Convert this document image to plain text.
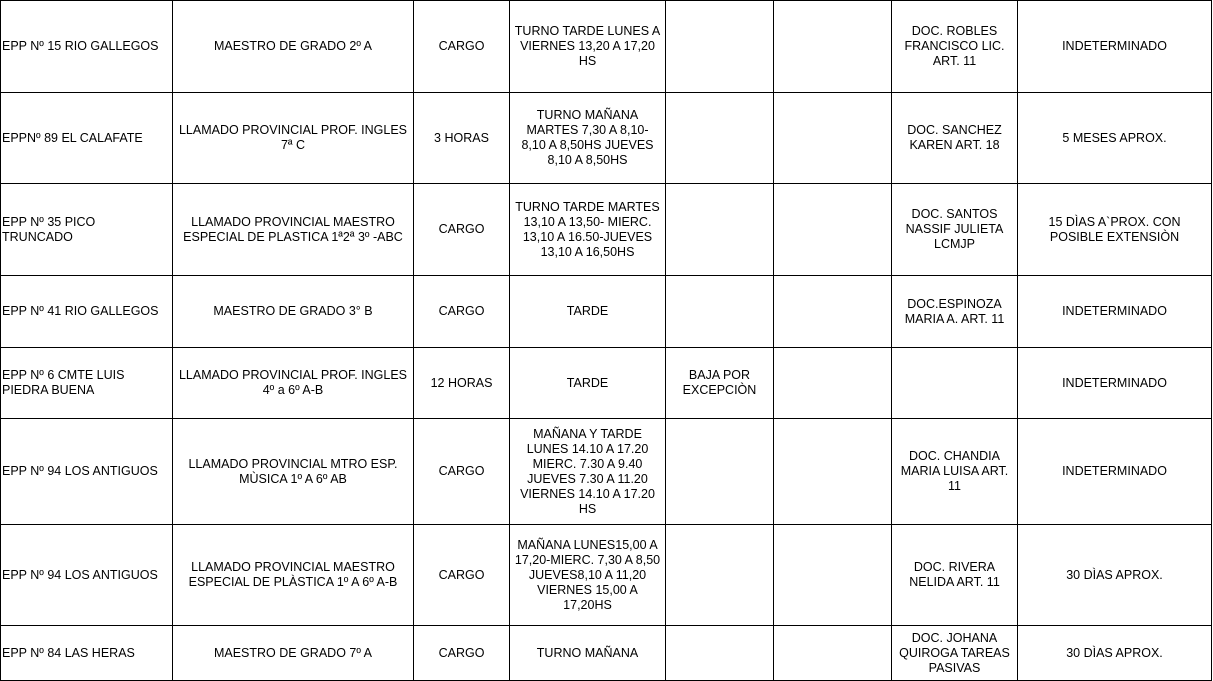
EPP Nº 15 RIO GALLEGOS	MAESTRO DE GRADO 2º A	CARGO	TURNO TARDE LUNES A VIERNES 13,20 A 17,20 HS			DOC. ROBLES FRANCISCO LIC. ART. 11	INDETERMINADO
EPPNº 89 EL CALAFATE	LLAMADO PROVINCIAL PROF. INGLES 7ª C	3 HORAS	TURNO MAÑANA MARTES 7,30 A 8,10- 8,10 A 8,50HS JUEVES 8,10 A 8,50HS			DOC. SANCHEZ KAREN ART. 18	5 MESES APROX.
EPP Nº 35 PICO TRUNCADO	LLAMADO PROVINCIAL MAESTRO ESPECIAL DE PLASTICA 1ª2ª 3º -ABC	CARGO	TURNO TARDE MARTES 13,10 A 13,50- MIERC. 13,10 A 16.50-JUEVES 13,10 A 16,50HS			DOC. SANTOS NASSIF JULIETA LCMJP	15 DÌAS A`PROX. CON POSIBLE EXTENSIÒN
EPP Nº 41 RIO GALLEGOS	MAESTRO DE GRADO 3° B	CARGO	TARDE			DOC.ESPINOZA MARIA A. ART. 11	INDETERMINADO
EPP Nº 6 CMTE LUIS PIEDRA BUENA	LLAMADO PROVINCIAL PROF. INGLES 4º a 6º A-B	12 HORAS	TARDE	BAJA POR EXCEPCIÒN			INDETERMINADO
EPP Nº 94 LOS ANTIGUOS	LLAMADO PROVINCIAL MTRO ESP. MÙSICA 1º A 6º AB	CARGO	MAÑANA Y TARDE LUNES 14.10 A 17.20 MIERC. 7.30 A 9.40 JUEVES 7.30 A 11.20 VIERNES 14.10 A 17.20 HS			DOC. CHANDIA MARIA LUISA ART. 11	INDETERMINADO
EPP Nº 94 LOS ANTIGUOS	LLAMADO PROVINCIAL MAESTRO ESPECIAL DE PLÀSTICA 1º A 6º A-B	CARGO	MAÑANA LUNES15,00 A 17,20-MIERC. 7,30 A 8,50 JUEVES8,10 A 11,20 VIERNES 15,00 A 17,20HS			DOC. RIVERA NELIDA ART. 11	30 DÌAS APROX.
EPP Nº 84 LAS HERAS	MAESTRO DE GRADO 7º A	CARGO	TURNO MAÑANA			DOC. JOHANA QUIROGA TAREAS PASIVAS	30 DÌAS APROX.
